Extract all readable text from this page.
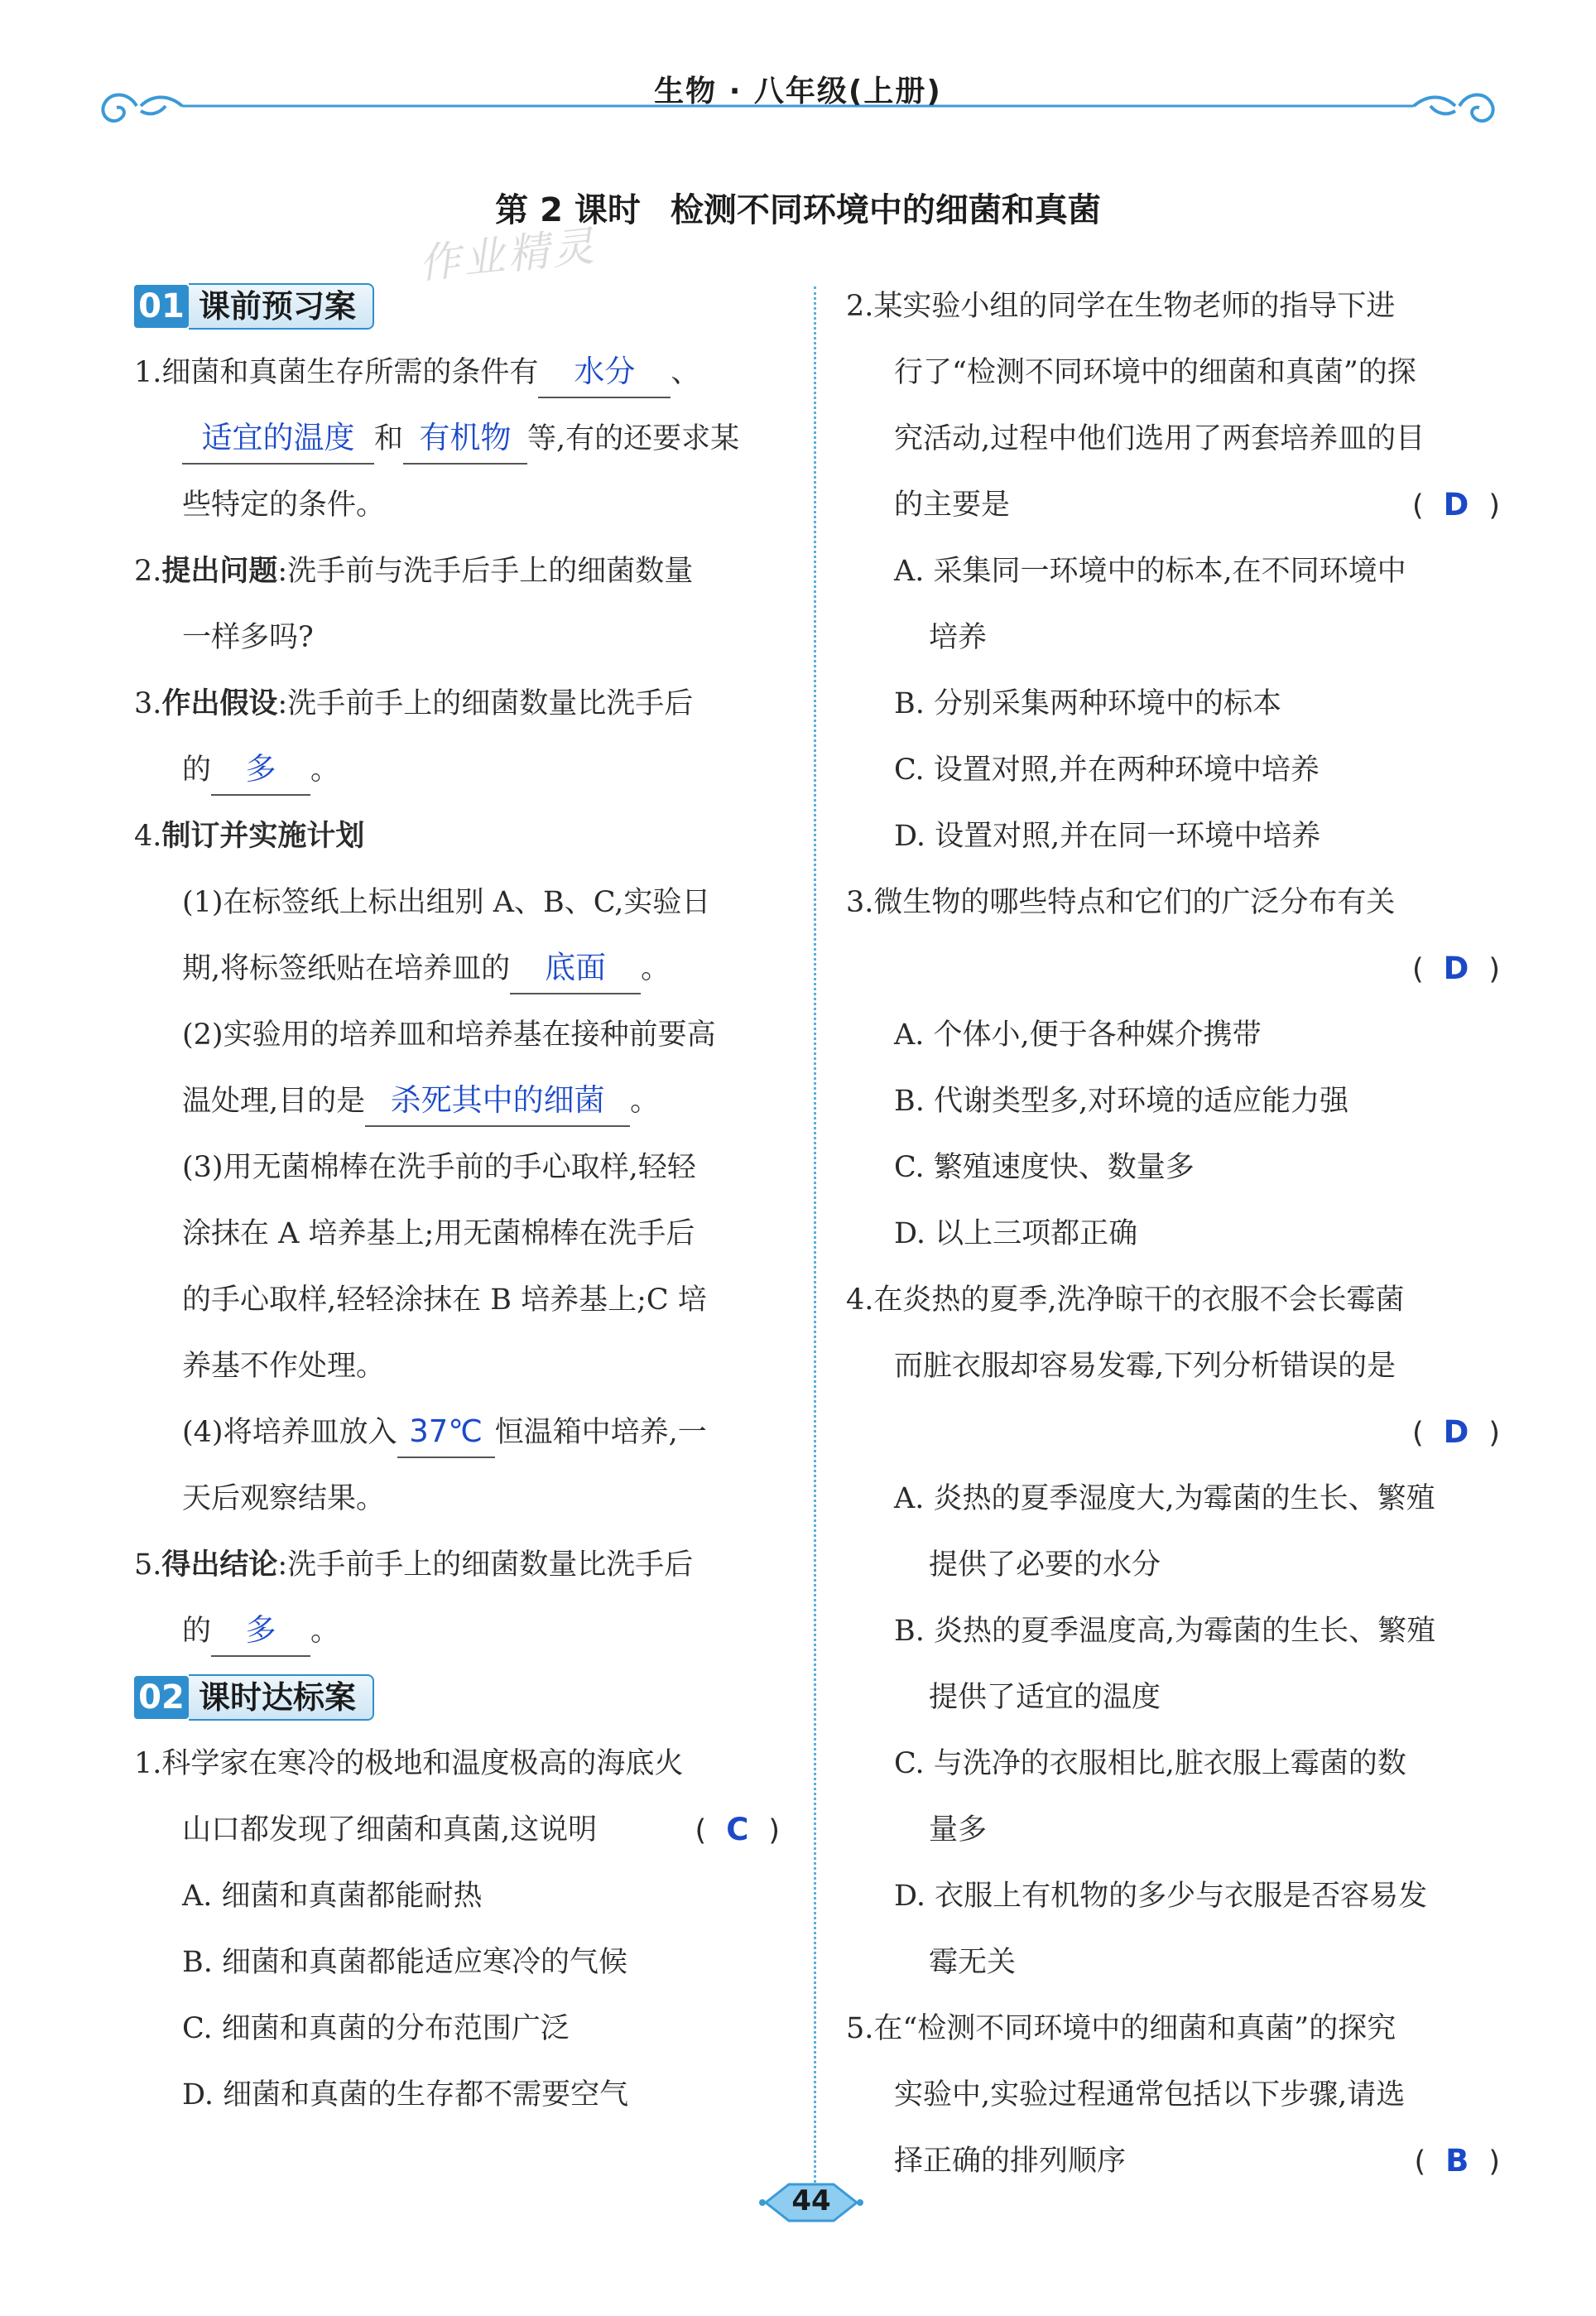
生物 · 八年级(上册)
第 2 课时 检测不同环境中的细菌和真菌
作业精灵
01 课前预习案
1.细菌和真菌生存所需的条件有 水分 、
适宜的温度 和 有机物 等,有的还要求某
些特定的条件。
2.提出问题:洗手前与洗手后手上的细菌数量
一样多吗?
3.作出假设:洗手前手上的细菌数量比洗手后
的 多 。
4.制订并实施计划
(1)在标签纸上标出组别 A、B、C,实验日
期,将标签纸贴在培养皿的 底面 。
(2)实验用的培养皿和培养基在接种前要高
温处理,目的是 杀死其中的细菌 。
(3)用无菌棉棒在洗手前的手心取样,轻轻
涂抹在 A 培养基上;用无菌棉棒在洗手后
的手心取样,轻轻涂抹在 B 培养基上;C 培
养基不作处理。
(4)将培养皿放入 37℃ 恒温箱中培养,一
天后观察结果。
5.得出结论:洗手前手上的细菌数量比洗手后
的 多 。
02 课时达标案
1.科学家在寒冷的极地和温度极高的海底火
山口都发现了细菌和真菌,这说明	( C )
A. 细菌和真菌都能耐热
B. 细菌和真菌都能适应寒冷的气候
C. 细菌和真菌的分布范围广泛
D. 细菌和真菌的生存都不需要空气
2.某实验小组的同学在生物老师的指导下进
行了“检测不同环境中的细菌和真菌”的探
究活动,过程中他们选用了两套培养皿的目
的主要是	( D )
A. 采集同一环境中的标本,在不同环境中
培养
B. 分别采集两种环境中的标本
C. 设置对照,并在两种环境中培养
D. 设置对照,并在同一环境中培养
3.微生物的哪些特点和它们的广泛分布有关
( D )
A. 个体小,便于各种媒介携带
B. 代谢类型多,对环境的适应能力强
C. 繁殖速度快、数量多
D. 以上三项都正确
4.在炎热的夏季,洗净晾干的衣服不会长霉菌
而脏衣服却容易发霉,下列分析错误的是
( D )
A. 炎热的夏季湿度大,为霉菌的生长、繁殖
提供了必要的水分
B. 炎热的夏季温度高,为霉菌的生长、繁殖
提供了适宜的温度
C. 与洗净的衣服相比,脏衣服上霉菌的数
量多
D. 衣服上有机物的多少与衣服是否容易发
霉无关
5.在“检测不同环境中的细菌和真菌”的探究
实验中,实验过程通常包括以下步骤,请选
择正确的排列顺序	( B )
44
